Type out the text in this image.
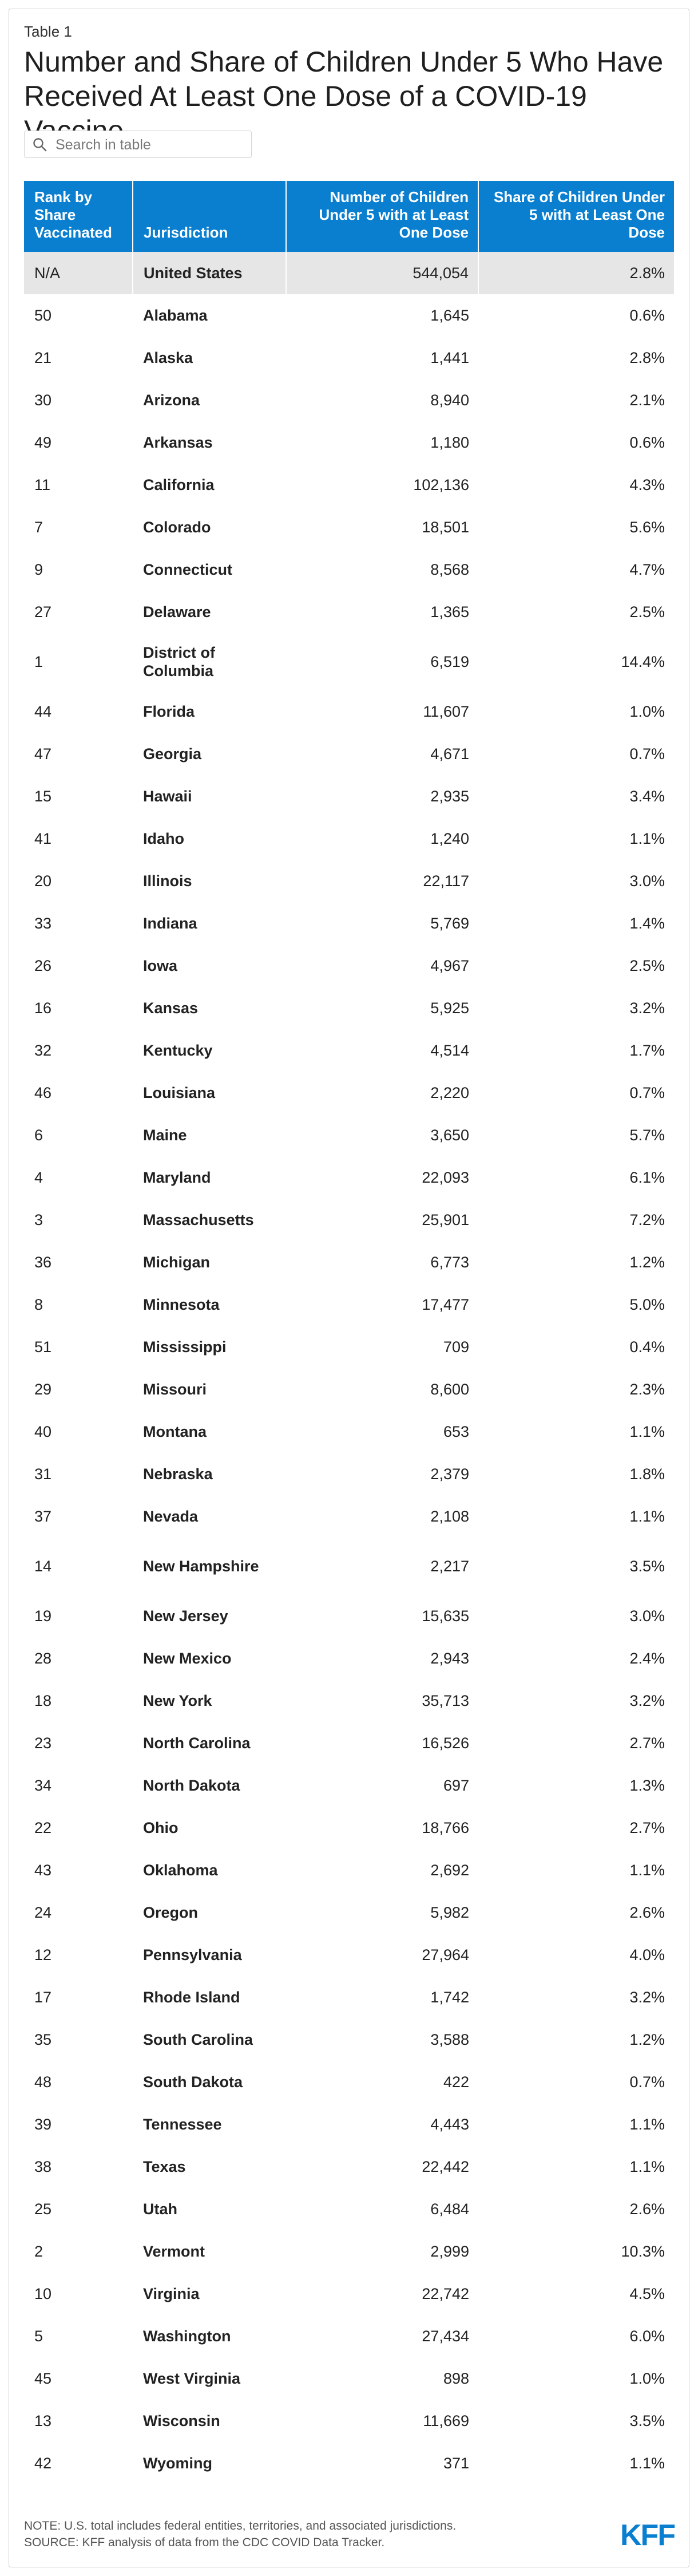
Table 1
Number and Share of Children Under 5 Who Have Received At Least One Dose of a COVID-19
Search in table
Rank by Share Vaccinated	Jurisdiction	Number of Children Under 5 with at Least One Dose	Share of Children Under 5 with at Least One Dose
N/A	United States	544,054	2.8%
50	Alabama	1,645	0.6%
21	Alaska	1,441	2.8%
30	Arizona	8,940	2.1%
49	Arkansas	1,180	0.6%
11	California	102,136	4.3%
7	Colorado	18,501	5.6%
9	Connecticut	8,568	4.7%
27	Delaware	1,365	2.5%
1	District of Columbia	6,519	14.4%
44	Florida	11,607	1.0%
47	Georgia	4,671	0.7%
15	Hawaii	2,935	3.4%
41	Idaho	1,240	1.1%
20	Illinois	22,117	3.0%
33	Indiana	5,769	1.4%
26	Iowa	4,967	2.5%
16	Kansas	5,925	3.2%
32	Kentucky	4,514	1.7%
46	Louisiana	2,220	0.7%
6	Maine	3,650	5.7%
4	Maryland	22,093	6.1%
3	Massachusetts	25,901	7.2%
36	Michigan	6,773	1.2%
8	Minnesota	17,477	5.0%
51	Mississippi	709	0.4%
29	Missouri	8,600	2.3%
40	Montana	653	1.1%
31	Nebraska	2,379	1.8%
37	Nevada	2,108	1.1%
14	New Hampshire	2,217	3.5%
19	New Jersey	15,635	3.0%
28	New Mexico	2,943	2.4%
18	New York	35,713	3.2%
23	North Carolina	16,526	2.7%
34	North Dakota	697	1.3%
22	Ohio	18,766	2.7%
43	Oklahoma	2,692	1.1%
24	Oregon	5,982	2.6%
12	Pennsylvania	27,964	4.0%
17	Rhode Island	1,742	3.2%
35	South Carolina	3,588	1.2%
48	South Dakota	422	0.7%
39	Tennessee	4,443	1.1%
38	Texas	22,442	1.1%
25	Utah	6,484	2.6%
2	Vermont	2,999	10.3%
10	Virginia	22,742	4.5%
5	Washington	27,434	6.0%
45	West Virginia	898	1.0%
13	Wisconsin	11,669	3.5%
42	Wyoming	371	1.1%
NOTE: U.S. total includes federal entities, territories, and associated jurisdictions.
SOURCE: KFF analysis of data from the CDC COVID Data Tracker.	KFF
